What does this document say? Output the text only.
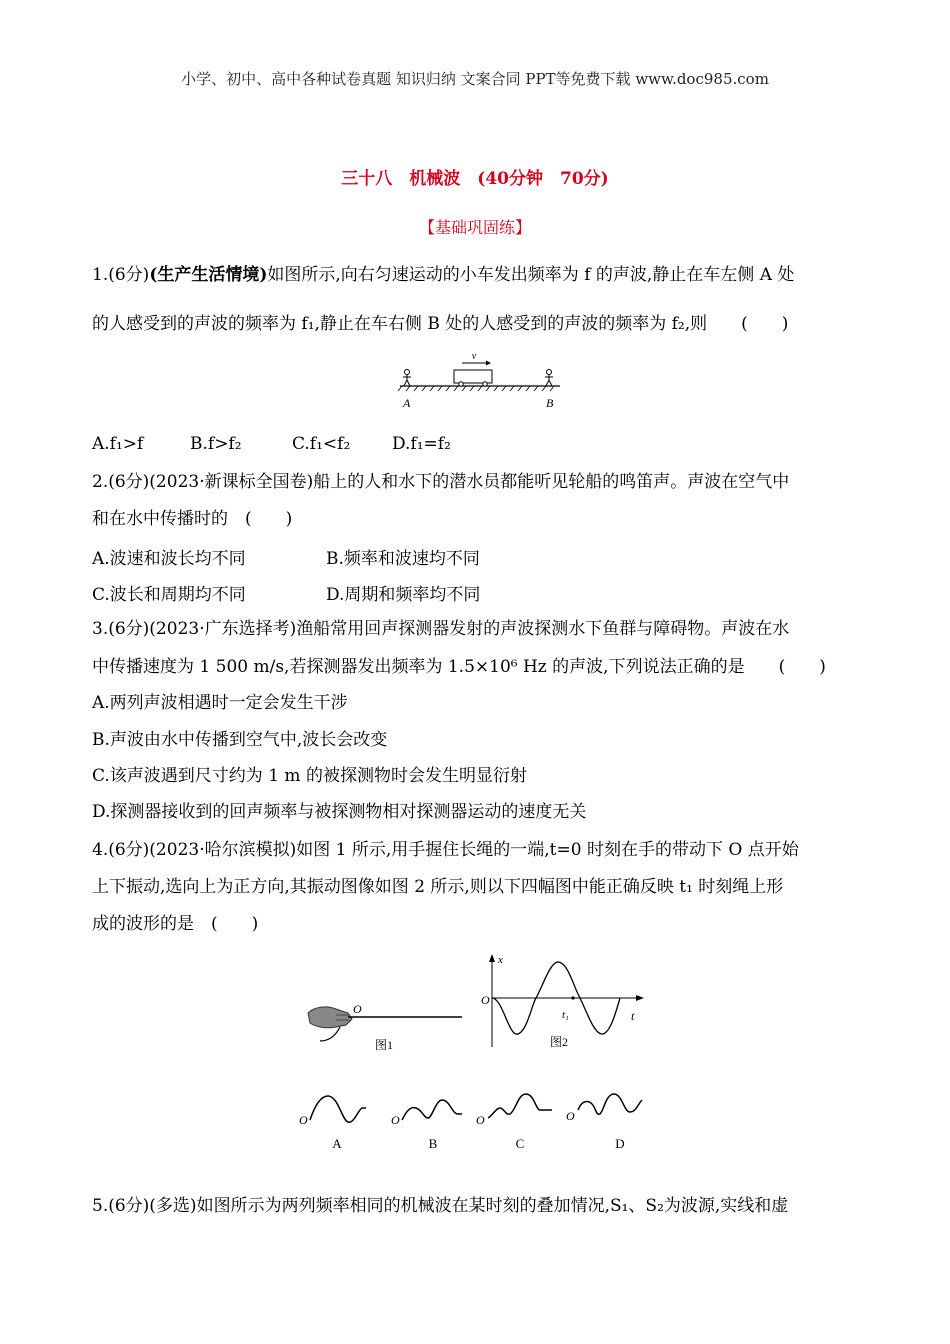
小学、初中、高中各种试卷真题 知识归纳 文案合同 PPT等免费下载 www.doc985.com
三十八　机械波　(40分钟　70分)
【基础巩固练】
1.(6分)(生产生活情境)如图所示,向右匀速运动的小车发出频率为 f 的声波,静止在车左侧 A 处
的人感受到的声波的频率为 f₁,静止在车右侧 B 处的人感受到的声波的频率为 f₂,则　　(　　)
v
A	B
A.f₁>f	B.f>f₂	C.f₁<f₂ D.f₁=f₂
2.(6分)(2023·新课标全国卷)船上的人和水下的潜水员都能听见轮船的鸣笛声。声波在空气中
和在水中传播时的　(　　)
A.波速和波长均不同	B.频率和波速均不同
C.波长和周期均不同	D.周期和频率均不同
3.(6分)(2023·广东选择考)渔船常用回声探测器发射的声波探测水下鱼群与障碍物。声波在水
中传播速度为 1 500 m/s,若探测器发出频率为 1.5×10⁶ Hz 的声波,下列说法正确的是　　(　　)
A.两列声波相遇时一定会发生干涉
B.声波由水中传播到空气中,波长会改变
C.该声波遇到尺寸约为 1 m 的被探测物时会发生明显衍射
D.探测器接收到的回声频率与被探测物相对探测器运动的速度无关
4.(6分)(2023·哈尔滨模拟)如图 1 所示,用手握住长绳的一端,t=0 时刻在手的带动下 O 点开始
上下振动,选向上为正方向,其振动图像如图 2 所示,则以下四幅图中能正确反映 t₁ 时刻绳上形
成的波形的是　(　　)
O
图1
x
O
t
t₁
图2
O
A
O
B
O
C
O
D
5.(6分)(多选)如图所示为两列频率相同的机械波在某时刻的叠加情况,S₁、S₂为波源,实线和虚
